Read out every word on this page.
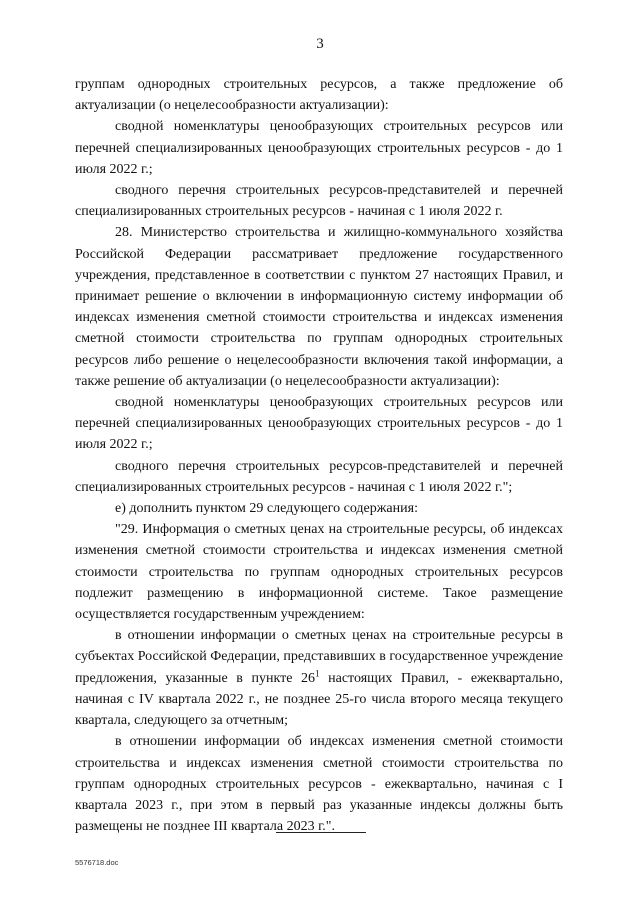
3

группам однородных строительных ресурсов, а также предложение об актуализации (о нецелесообразности актуализации):

сводной номенклатуры ценообразующих строительных ресурсов или перечней специализированных ценообразующих строительных ресурсов - до 1 июля 2022 г.;

сводного перечня строительных ресурсов-представителей и перечней специализированных строительных ресурсов - начиная с 1 июля 2022 г.

28. Министерство строительства и жилищно-коммунального хозяйства Российской Федерации рассматривает предложение государственного учреждения, представленное в соответствии с пунктом 27 настоящих Правил, и принимает решение о включении в информационную систему информации об индексах изменения сметной стоимости строительства и индексах изменения сметной стоимости строительства по группам однородных строительных ресурсов либо решение о нецелесообразности включения такой информации, а также решение об актуализации (о нецелесообразности актуализации):

сводной номенклатуры ценообразующих строительных ресурсов или перечней специализированных ценообразующих строительных ресурсов - до 1 июля 2022 г.;

сводного перечня строительных ресурсов-представителей и перечней специализированных строительных ресурсов - начиная с 1 июля 2022 г.";

е) дополнить пунктом 29 следующего содержания:

"29. Информация о сметных ценах на строительные ресурсы, об индексах изменения сметной стоимости строительства и индексах изменения сметной стоимости строительства по группам однородных строительных ресурсов подлежит размещению в информационной системе. Такое размещение осуществляется государственным учреждением:

в отношении информации о сметных ценах на строительные ресурсы в субъектах Российской Федерации, представивших в государственное учреждение предложения, указанные в пункте $26^1$ настоящих Правил, - ежеквартально, начиная с IV квартала 2022 г., не позднее 25-го числа второго месяца текущего квартала, следующего за отчетным;

в отношении информации об индексах изменения сметной стоимости строительства и индексах изменения сметной стоимости строительства по группам однородных строительных ресурсов - ежеквартально, начиная с I квартала 2023 г., при этом в первый раз указанные индексы должны быть размещены не позднее III квартала 2023 г.".

5576718.doc
